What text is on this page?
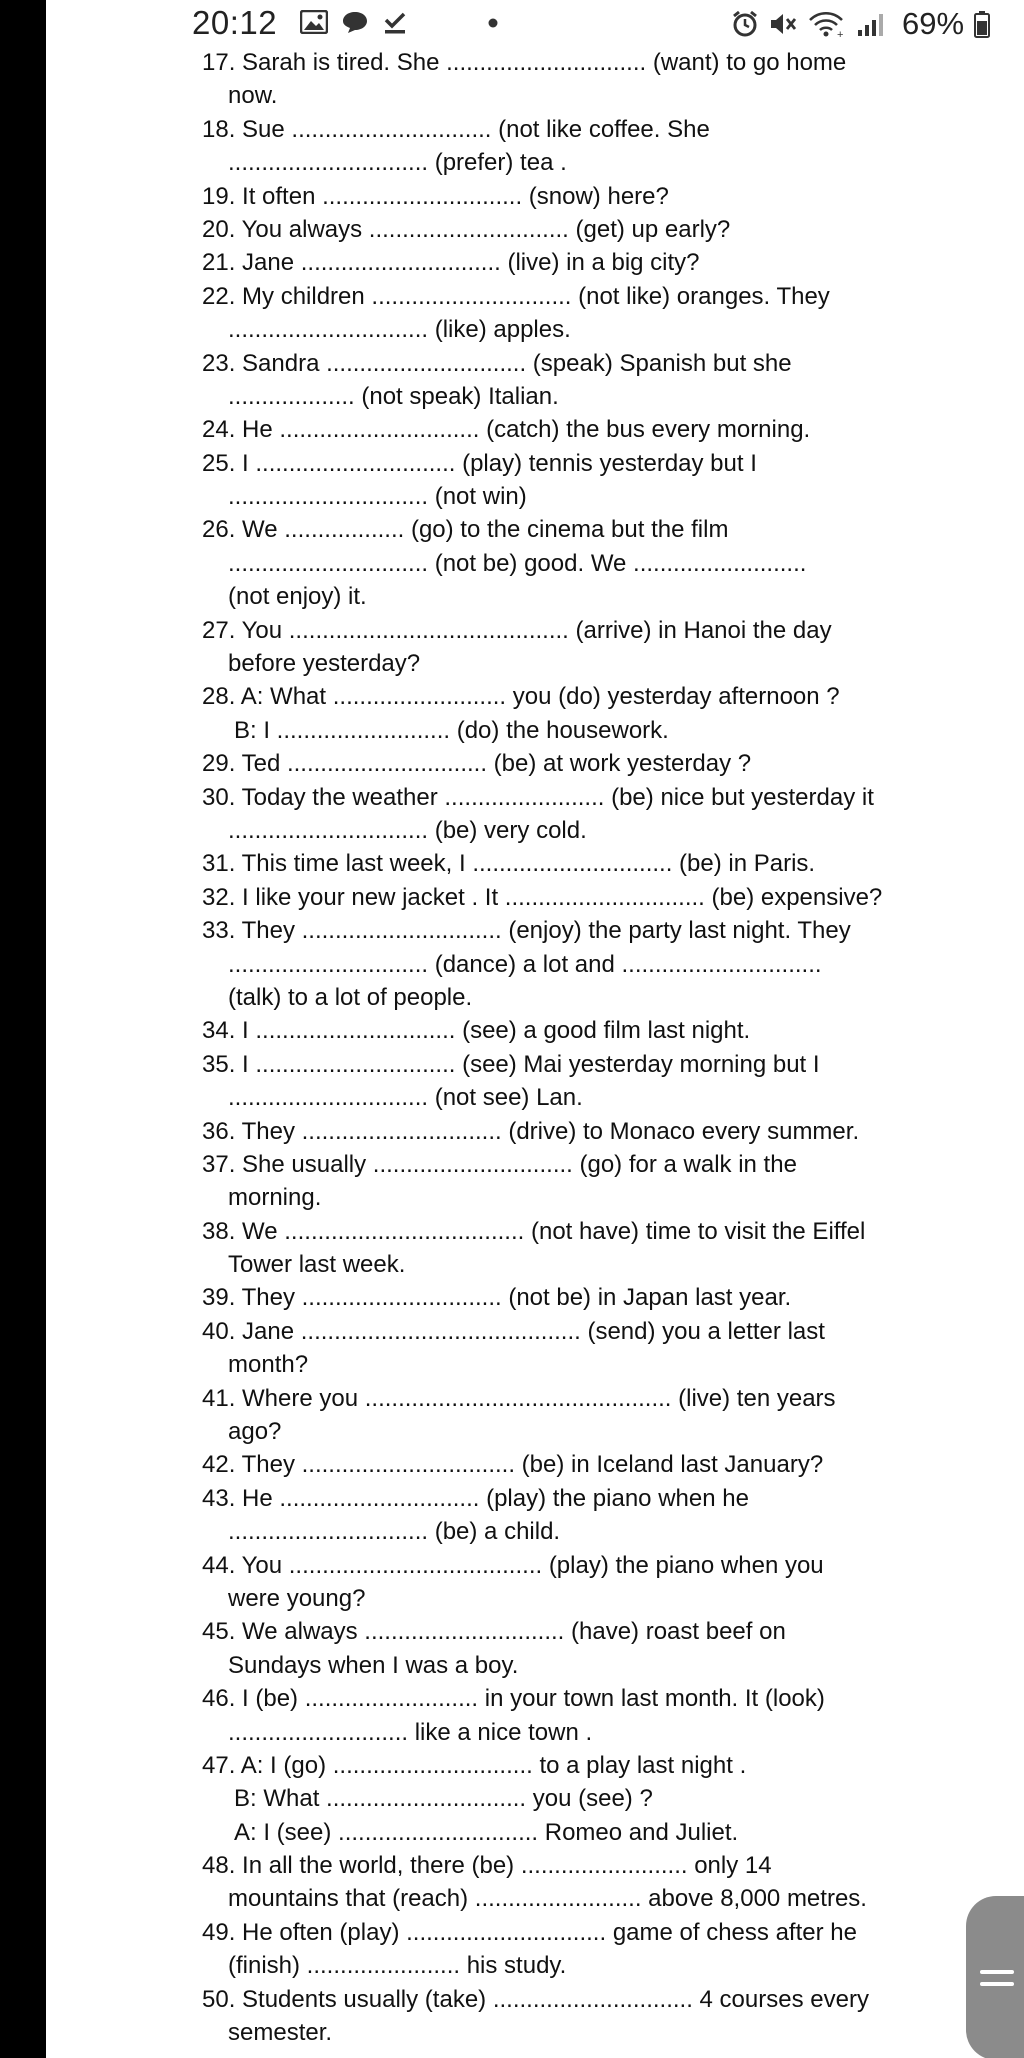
20:12	+ 69%
17. Sarah is tired. She .............................. (want) to go home
now.
18. Sue .............................. (not like coffee. She
.............................. (prefer) tea .
19. It often .............................. (snow) here?
20. You always .............................. (get) up early?
21. Jane .............................. (live) in a big city?
22. My children .............................. (not like) oranges. They
.............................. (like) apples.
23. Sandra .............................. (speak) Spanish but she
................... (not speak) Italian.
24. He .............................. (catch) the bus every morning.
25. I .............................. (play) tennis yesterday but I
.............................. (not win)
26. We .................. (go) to the cinema but the film
.............................. (not be) good. We ..........................
(not enjoy) it.
27. You .......................................... (arrive) in Hanoi the day
before yesterday?
28. A: What .......................... you (do) yesterday afternoon ?
B: I .......................... (do) the housework.
29. Ted .............................. (be) at work yesterday ?
30. Today the weather ........................ (be) nice but yesterday it
.............................. (be) very cold.
31. This time last week, I .............................. (be) in Paris.
32. I like your new jacket . It .............................. (be) expensive?
33. They .............................. (enjoy) the party last night. They
.............................. (dance) a lot and ..............................
(talk) to a lot of people.
34. I .............................. (see) a good film last night.
35. I .............................. (see) Mai yesterday morning but I
.............................. (not see) Lan.
36. They .............................. (drive) to Monaco every summer.
37. She usually .............................. (go) for a walk in the
morning.
38. We .................................... (not have) time to visit the Eiffel
Tower last week.
39. They .............................. (not be) in Japan last year.
40. Jane .......................................... (send) you a letter last
month?
41. Where you .............................................. (live) ten years
ago?
42. They ................................ (be) in Iceland last January?
43. He .............................. (play) the piano when he
.............................. (be) a child.
44. You ...................................... (play) the piano when you
were young?
45. We always .............................. (have) roast beef on
Sundays when I was a boy.
46. I (be) .......................... in your town last month. It (look)
........................... like a nice town .
47. A: I (go) .............................. to a play last night .
B: What .............................. you (see) ?
A: I (see) .............................. Romeo and Juliet.
48. In all the world, there (be) ......................... only 14
mountains that (reach) ......................... above 8,000 metres.
49. He often (play) .............................. game of chess after he
(finish) ....................... his study.
50. Students usually (take) .............................. 4 courses every
semester.
